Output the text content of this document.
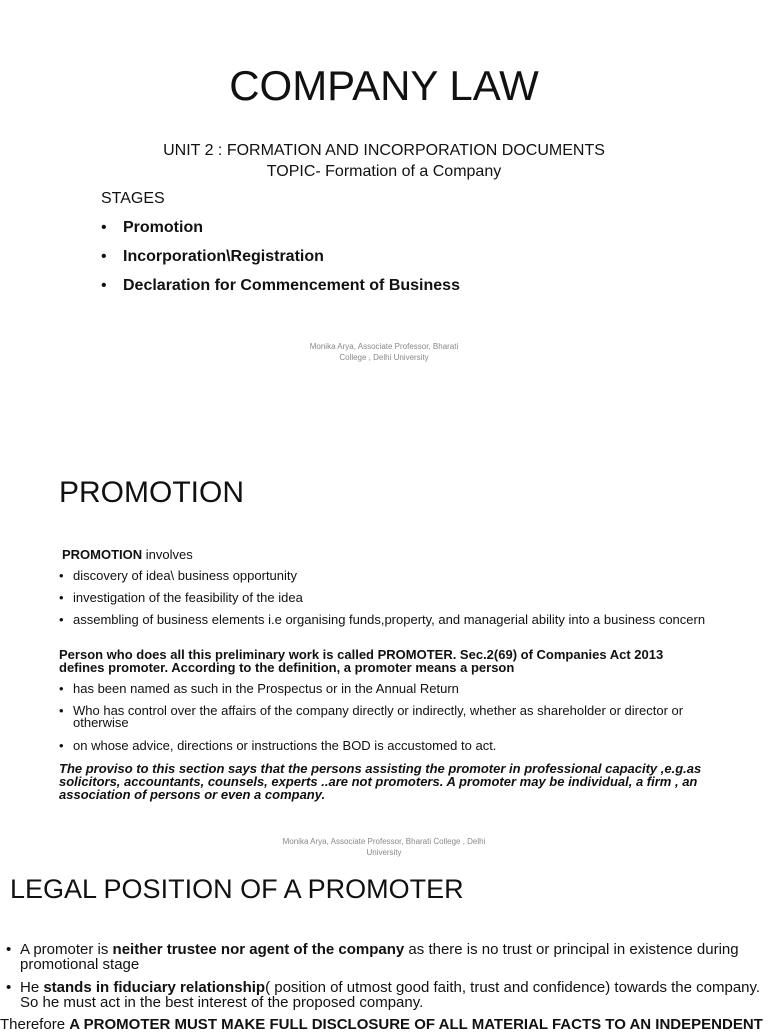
COMPANY LAW
UNIT 2 : FORMATION AND INCORPORATION DOCUMENTS
TOPIC- Formation of a Company
STAGES
• Promotion
• Incorporation\Registration
• Declaration for Commencement of Business
Monika Arya, Associate Professor, Bharati
College , Delhi University
PROMOTION
PROMOTION involves
• discovery of idea\ business opportunity
• investigation of the feasibility of the idea
• assembling of business elements i.e organising funds,property, and managerial ability into a business concern
Person who does all this preliminary work is called PROMOTER. Sec.2(69) of Companies Act 2013 defines promoter. According to the definition, a promoter means a person
• has been named as such in the Prospectus or in the Annual Return
• Who has control over the affairs of the company directly or indirectly, whether as shareholder or director or otherwise
• on whose advice, directions or instructions the BOD is accustomed to act.
The proviso to this section says that the persons assisting the promoter in professional capacity ,e.g.as solicitors, accountants, counsels, experts ..are not promoters. A promoter may be individual, a firm , an association of persons or even a company.
Monika Arya, Associate Professor, Bharati College , Delhi
University
LEGAL POSITION OF A PROMOTER
• A promoter is neither trustee nor agent of the company as there is no trust or principal in existence during promotional stage
• He stands in fiduciary relationship( position of utmost good faith, trust and confidence) towards the company. So he must act in the best interest of the proposed company.
Therefore A PROMOTER MUST MAKE FULL DISCLOSURE OF ALL MATERIAL FACTS TO AN INDEPENDENT
